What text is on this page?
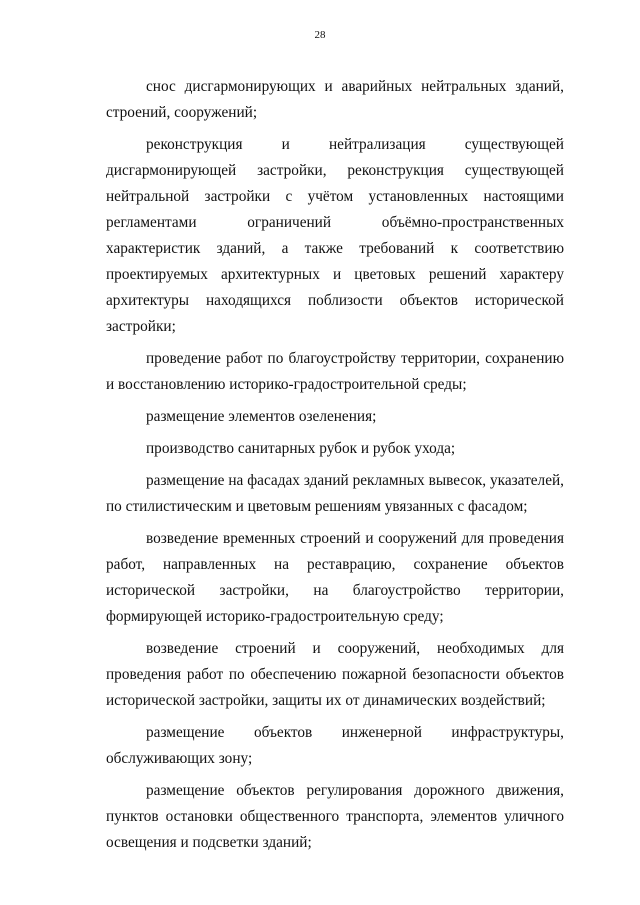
28

снос дисгармонирующих и аварийных нейтральных зданий, строений, сооружений;

реконструкция и нейтрализация существующей дисгармонирующей застройки, реконструкция существующей нейтральной застройки с учётом установленных настоящими регламентами ограничений объёмно-пространственных характеристик зданий, а также требований к соответствию проектируемых архитектурных и цветовых решений характеру архитектуры находящихся поблизости объектов исторической застройки;

проведение работ по благоустройству территории, сохранению и восстановлению историко-градостроительной среды;

размещение элементов озеленения;

производство санитарных рубок и рубок ухода;

размещение на фасадах зданий рекламных вывесок, указателей, по стилистическим и цветовым решениям увязанных с фасадом;

возведение временных строений и сооружений для проведения работ, направленных на реставрацию, сохранение объектов исторической застройки, на благоустройство территории, формирующей историко-градостроительную среду;

возведение строений и сооружений, необходимых для проведения работ по обеспечению пожарной безопасности объектов исторической застройки, защиты их от динамических воздействий;

размещение объектов инженерной инфраструктуры, обслуживающих зону;

размещение объектов регулирования дорожного движения, пунктов остановки общественного транспорта, элементов уличного освещения и подсветки зданий;
